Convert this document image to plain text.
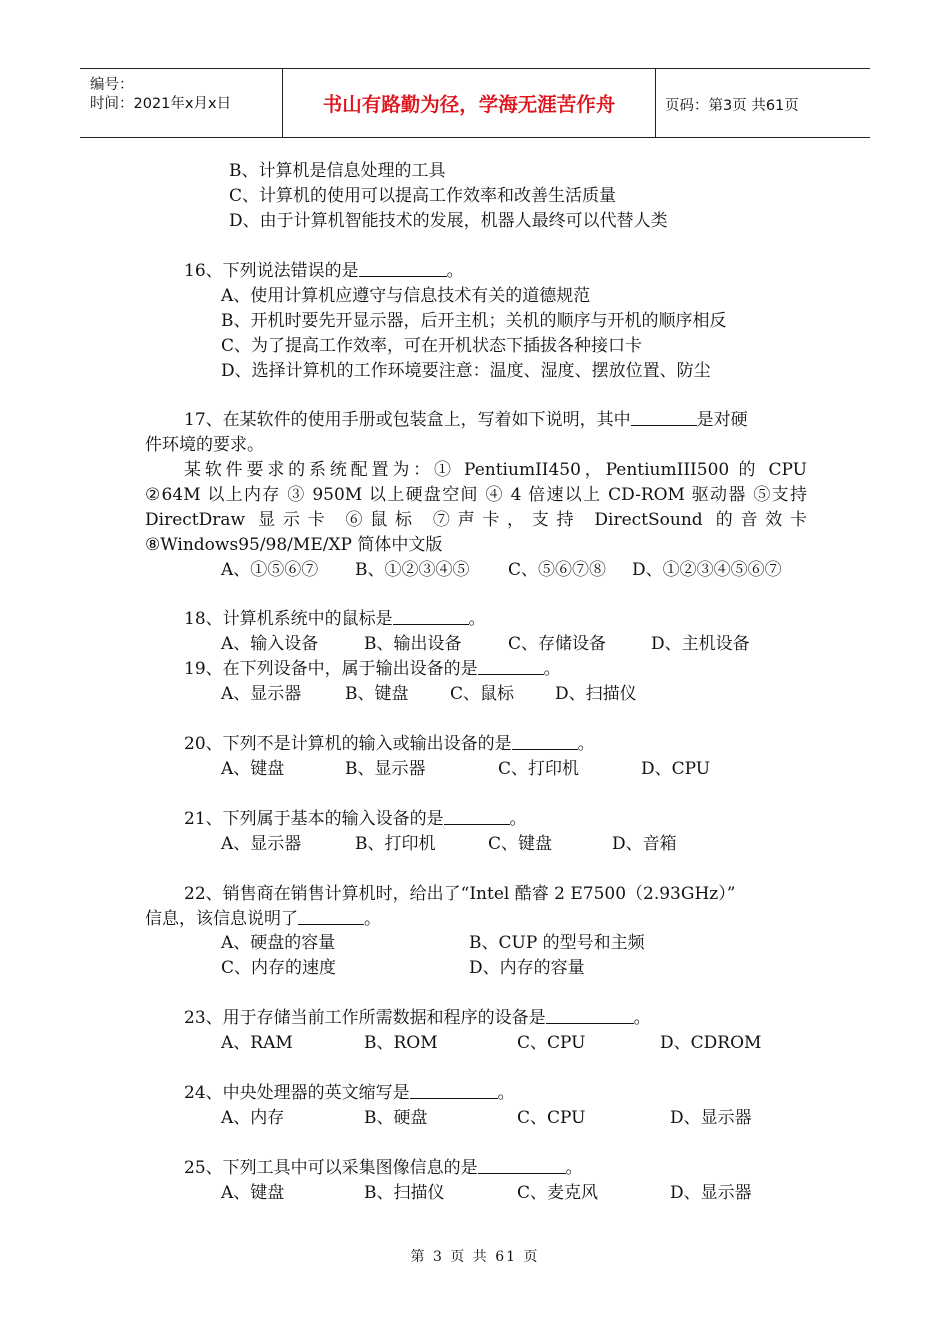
编号：
时间：2021年x月x日	书山有路勤为径，学海无涯苦作舟	页码：第3页 共61页
B、计算机是信息处理的工具
C、计算机的使用可以提高工作效率和改善生活质量
D、由于计算机智能技术的发展，机器人最终可以代替人类
16、下列说法错误的是	。
A、使用计算机应遵守与信息技术有关的道德规范
B、开机时要先开显示器，后开主机；关机的顺序与开机的顺序相反
C、为了提高工作效率，可在开机状态下插拔各种接口卡
D、选择计算机的工作环境要注意：温度、湿度、摆放位置、防尘
17、在某软件的使用手册或包装盒上，写着如下说明，其中	是对硬
件环境的要求。
某软件要求的系统配置为：① PentiumII450，PentiumIII500 的 CPU
②64M 以上内存 ③ 950M 以上硬盘空间 ④ 4 倍速以上 CD-ROM 驱动器 ⑤支持
DirectDraw 显示卡 ⑥鼠标 ⑦声卡，支持 DirectSound 的音效卡
⑧Windows95/98/ME/XP 简体中文版
A、①⑤⑥⑦ B、①②③④⑤ C、⑤⑥⑦⑧ D、①②③④⑤⑥⑦
18、计算机系统中的鼠标是	。
A、输入设备	B、输出设备	C、存储设备	D、主机设备
19、在下列设备中，属于输出设备的是	。
A、显示器	B、键盘 C、鼠标 D、扫描仪
20、下列不是计算机的输入或输出设备的是	。
A、键盘	B、显示器	C、打印机	D、CPU
21、下列属于基本的输入设备的是	。
A、显示器	B、打印机	C、键盘	D、音箱
22、销售商在销售计算机时，给出了“Intel 酷睿 2 E7500（2.93GHz）”
信息，该信息说明了	。
A、硬盘的容量	B、CUP 的型号和主频
C、内存的速度	D、内存的容量
23、用于存储当前工作所需数据和程序的设备是	。
A、RAM	B、ROM	C、CPU	D、CDROM
24、中央处理器的英文缩写是	。
A、内存	B、硬盘	C、CPU	D、显示器
25、下列工具中可以采集图像信息的是	。
A、键盘	B、扫描仪	C、麦克风	D、显示器
第 3 页 共 61 页
